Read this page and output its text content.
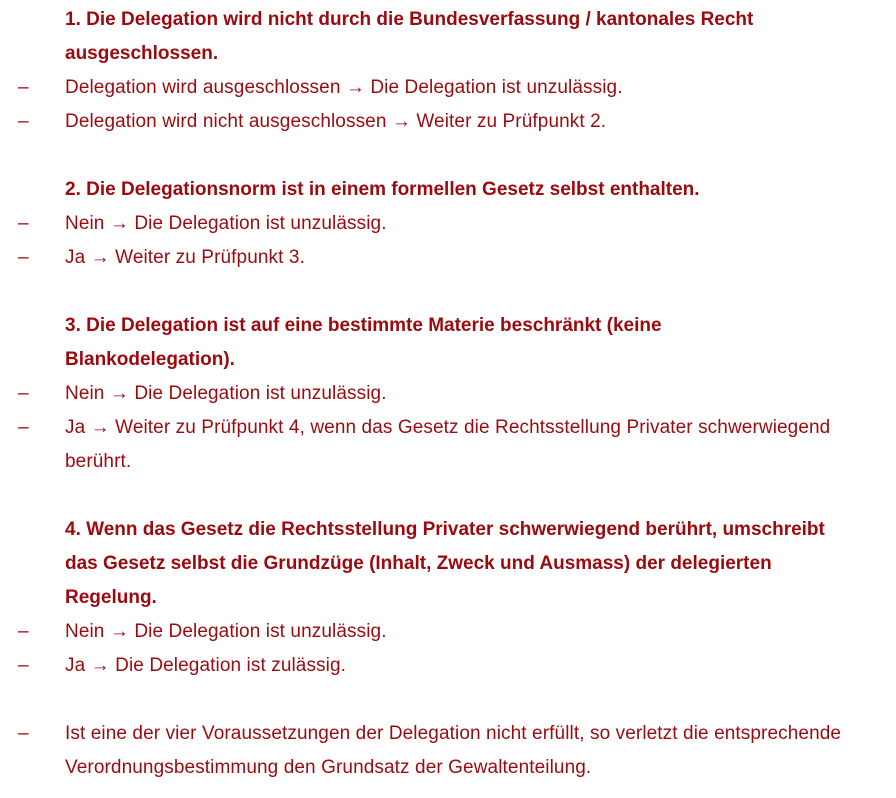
1. Die Delegation wird nicht durch die Bundesverfassung / kantonales Recht
ausgeschlossen.
– Delegation wird ausgeschlossen → Die Delegation ist unzulässig.
– Delegation wird nicht ausgeschlossen → Weiter zu Prüfpunkt 2.
2. Die Delegationsnorm ist in einem formellen Gesetz selbst enthalten.
– Nein → Die Delegation ist unzulässig.
– Ja → Weiter zu Prüfpunkt 3.
3. Die Delegation ist auf eine bestimmte Materie beschränkt (keine
Blankodelegation).
– Nein → Die Delegation ist unzulässig.
– Ja → Weiter zu Prüfpunkt 4, wenn das Gesetz die Rechtsstellung Privater schwerwiegend
berührt.
4. Wenn das Gesetz die Rechtsstellung Privater schwerwiegend berührt, umschreibt
das Gesetz selbst die Grundzüge (Inhalt, Zweck und Ausmass) der delegierten
Regelung.
– Nein → Die Delegation ist unzulässig.
– Ja → Die Delegation ist zulässig.
– Ist eine der vier Voraussetzungen der Delegation nicht erfüllt, so verletzt die entsprechende
Verordnungsbestimmung den Grundsatz der Gewaltenteilung.
